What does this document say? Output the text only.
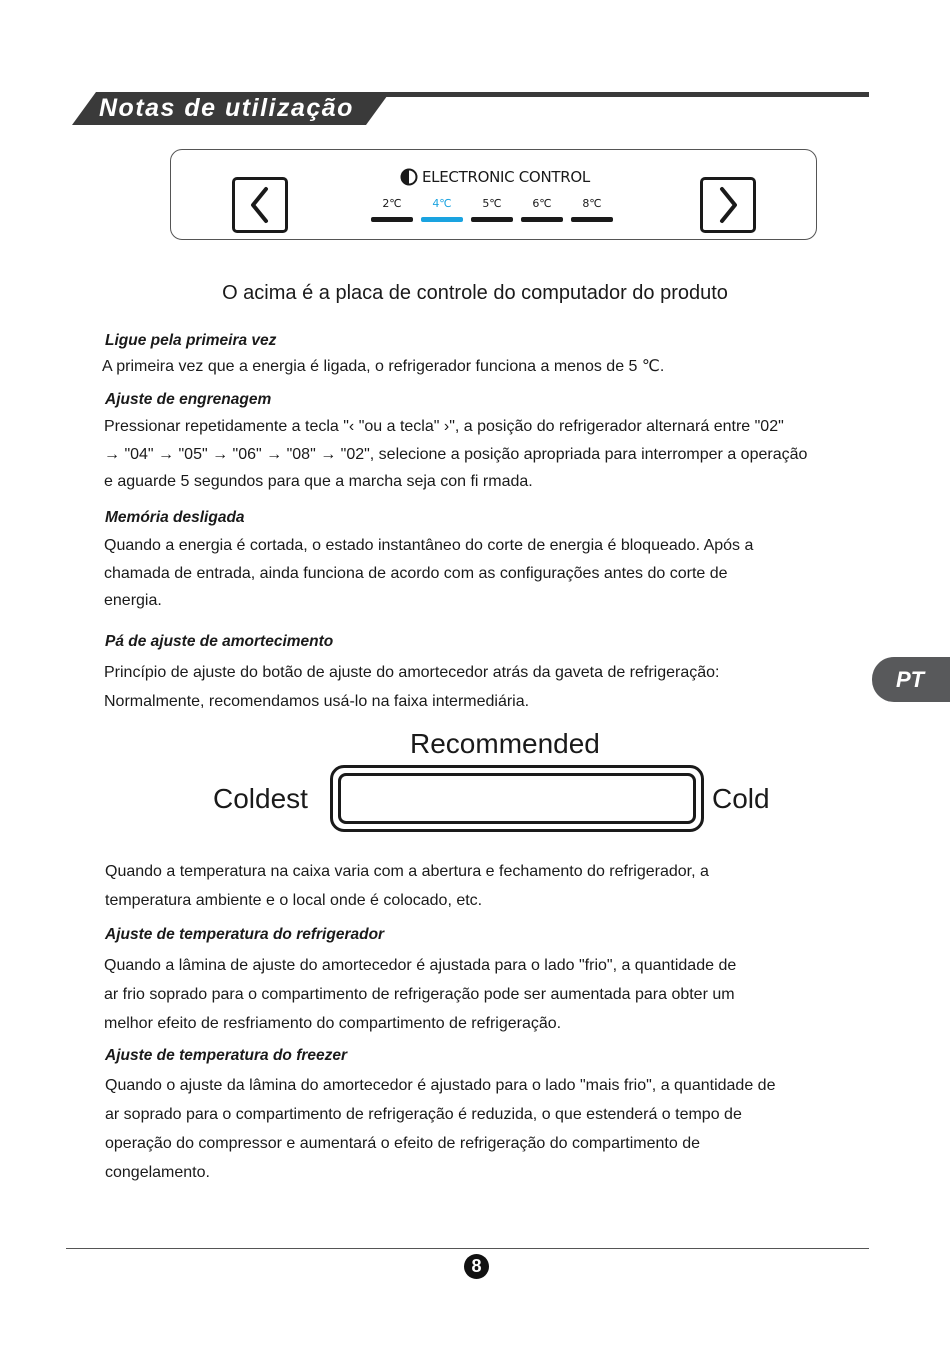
Notas de utilização
ELECTRONIC CONTROL
2℃	4℃	5℃	6℃	8℃
O acima é a placa de controle do computador do produto
Ligue pela primeira vez

A primeira vez que a energia é ligada, o refrigerador funciona a menos de 5 ℃.

Ajuste de engrenagem

Pressionar repetidamente a tecla "‹ "ou a tecla" ›", a posição do refrigerador alternará entre "02"

→ "04" → "05" → "06" → "08" → "02", selecione a posição apropriada para interromper a operação

e aguarde 5 segundos para que a marcha seja con fi rmada.

Memória desligada

Quando a energia é cortada, o estado instantâneo do corte de energia é bloqueado. Após a

chamada de entrada, ainda funciona de acordo com as configurações antes do corte de

energia.

Pá de ajuste de amortecimento

Princípio de ajuste do botão de ajuste do amortecedor atrás da gaveta de refrigeração:

Normalmente, recomendamos usá-lo na faixa intermediária.

Recommended
Coldest	Cold

Quando a temperatura na caixa varia com a abertura e fechamento do refrigerador, a

temperatura ambiente e o local onde é colocado, etc.

Ajuste de temperatura do refrigerador

Quando a lâmina de ajuste do amortecedor é ajustada para o lado "frio", a quantidade de

ar frio soprado para o compartimento de refrigeração pode ser aumentada para obter um

melhor efeito de resfriamento do compartimento de refrigeração.

Ajuste de temperatura do freezer

Quando o ajuste da lâmina do amortecedor é ajustado para o lado "mais frio", a quantidade de

ar soprado para o compartimento de refrigeração é reduzida, o que estenderá o tempo de

operação do compressor e aumentará o efeito de refrigeração do compartimento de

congelamento.

PT
8
